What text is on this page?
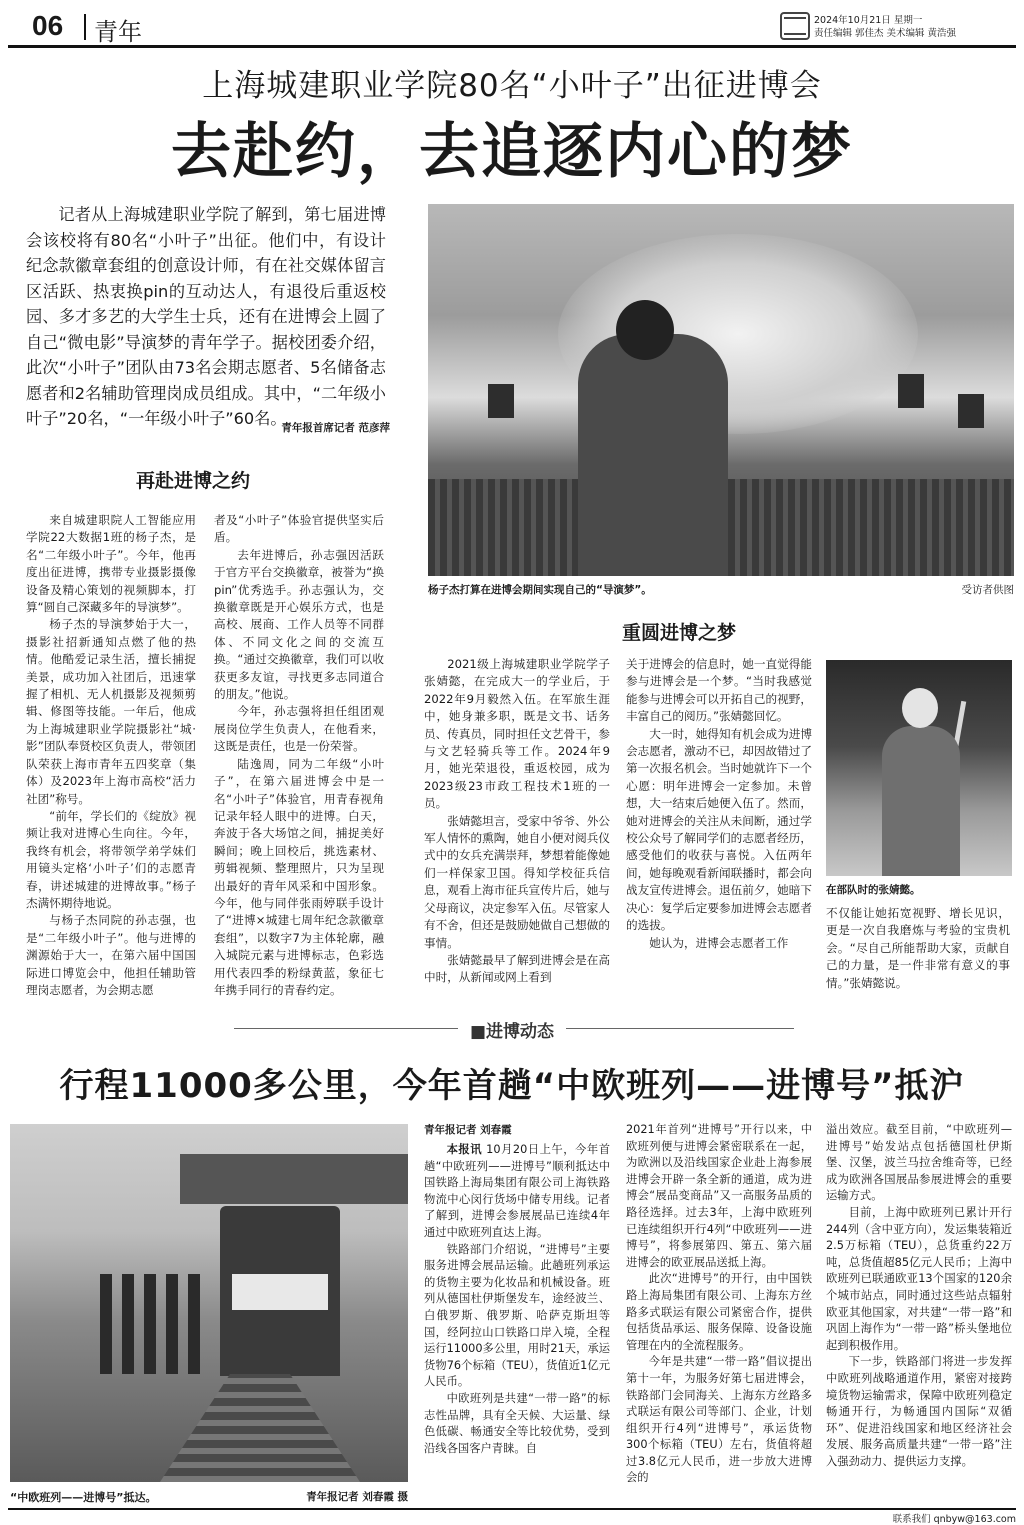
06 青年	2024年10月21日 星期一
责任编辑 郭佳杰 美术编辑 黄浩强
上海城建职业学院80名“小叶子”出征进博会
去赴约，去追逐内心的梦
记者从上海城建职业学院了解到，第七届进博会该校将有80名“小叶子”出征。他们中，有设计纪念款徽章套组的创意设计师，有在社交媒体留言区活跃、热衷换pin的互动达人，有退役后重返校园、多才多艺的大学生士兵，还有在进博会上圆了自己“微电影”导演梦的青年学子。据校团委介绍，此次“小叶子”团队由73名会期志愿者、5名储备志愿者和2名辅助管理岗成员组成。其中，“二年级小叶子”20名，“一年级小叶子”60名。
青年报首席记者 范彦萍
杨子杰打算在进博会期间实现自己的“导演梦”。	受访者供图
再赴进博之约
重圆进博之梦

来自城建职院人工智能应用学院22大数据1班的杨子杰，是名“二年级小叶子”。今年，他再度出征进博，携带专业摄影摄像设备及精心策划的视频脚本，打算“圆自己深藏多年的导演梦”。

杨子杰的导演梦始于大一，摄影社招新通知点燃了他的热情。他酷爱记录生活，擅长捕捉美景，成功加入社团后，迅速掌握了相机、无人机摄影及视频剪辑、修图等技能。一年后，他成为上海城建职业学院摄影社“城·影”团队奉贤校区负责人，带领团队荣获上海市青年五四奖章（集体）及2023年上海市高校“活力社团”称号。

“前年，学长们的《绽放》视频让我对进博心生向往。今年，我终有机会，将带领学弟学妹们用镜头定格‘小叶子’们的志愿青春，讲述城建的进博故事。”杨子杰满怀期待地说。

与杨子杰同院的孙志强，也是“二年级小叶子”。他与进博的渊源始于大一，在第六届中国国际进口博览会中，他担任辅助管理岗志愿者，为会期志愿

者及“小叶子”体验官提供坚实后盾。

去年进博后，孙志强因活跃于官方平台交换徽章，被誉为“换pin”优秀选手。孙志强认为，交换徽章既是开心娱乐方式，也是高校、展商、工作人员等不同群体、不同文化之间的交流互换。“通过交换徽章，我们可以收获更多友谊，寻找更多志同道合的朋友。”他说。

今年，孙志强将担任组团观展岗位学生负责人，在他看来，这既是责任，也是一份荣誉。

陆逸周，同为二年级“小叶子”，在第六届进博会中是一名“小叶子”体验官，用青春视角记录年轻人眼中的进博。白天，奔波于各大场馆之间，捕捉美好瞬间；晚上回校后，挑选素材、剪辑视频、整理照片，只为呈现出最好的青年风采和中国形象。今年，他与同伴张雨婷联手设计了“进博×城建七周年纪念款徽章套组”，以数字7为主体轮廓，融入城院元素与进博标志，色彩选用代表四季的粉绿黄蓝，象征七年携手同行的青春约定。

2021级上海城建职业学院学子张婧懿，在完成大一的学业后，于2022年9月毅然入伍。在军旅生涯中，她身兼多职，既是文书、话务员、传真员，同时担任文艺骨干，参与文艺轻骑兵等工作。2024年9月，她光荣退役，重返校园，成为2023级23市政工程技术1班的一员。

张婧懿坦言，受家中爷爷、外公军人情怀的熏陶，她自小便对阅兵仪式中的女兵充满崇拜，梦想着能像她们一样保家卫国。得知学校征兵信息，观看上海市征兵宣传片后，她与父母商议，决定参军入伍。尽管家人有不舍，但还是鼓励她做自己想做的事情。

张婧懿最早了解到进博会是在高中时，从新闻或网上看到

关于进博会的信息时，她一直觉得能参与进博会是一个梦。“当时我感觉能参与进博会可以开拓自己的视野，丰富自己的阅历。”张婧懿回忆。

大一时，她得知有机会成为进博会志愿者，激动不已，却因故错过了第一次报名机会。当时她就许下一个心愿：明年进博会一定参加。未曾想，大一结束后她便入伍了。然而，她对进博会的关注从未间断，通过学校公众号了解同学们的志愿者经历，感受他们的收获与喜悦。入伍两年间，她每晚观看新闻联播时，都会向战友宣传进博会。退伍前夕，她暗下决心：复学后定要参加进博会志愿者的选拔。

她认为，进博会志愿者工作

在部队时的张婧懿。

不仅能让她拓宽视野、增长见识，更是一次自我磨炼与考验的宝贵机会。“尽自己所能帮助大家，贡献自己的力量，是一件非常有意义的事情。”张婧懿说。

■进博动态
行程11000多公里，今年首趟“中欧班列——进博号”抵沪
“中欧班列——进博号”抵达。	青年报记者 刘春霞 摄
青年报记者 刘春霞

本报讯 10月20日上午，今年首趟“中欧班列——进博号”顺利抵达中国铁路上海局集团有限公司上海铁路物流中心闵行货场中储专用线。记者了解到，进博会参展展品已连续4年通过中欧班列直达上海。

铁路部门介绍说，“进博号”主要服务进博会展品运输。此趟班列承运的货物主要为化妆品和机械设备。班列从德国杜伊斯堡发车，途经波兰、白俄罗斯、俄罗斯、哈萨克斯坦等国，经阿拉山口铁路口岸入境，全程运行11000多公里，用时21天，承运货物76个标箱（TEU），货值近1亿元人民币。

中欧班列是共建“一带一路”的标志性品牌，具有全天候、大运量、绿色低碳、畅通安全等比较优势，受到沿线各国客户青睐。自

2021年首列“进博号”开行以来，中欧班列便与进博会紧密联系在一起，为欧洲以及沿线国家企业赴上海参展进博会开辟一条全新的通道，成为进博会“展品变商品”又一高服务品质的路径选择。过去3年，上海中欧班列已连续组织开行4列“中欧班列——进博号”，将参展第四、第五、第六届进博会的欧亚展品送抵上海。

此次“进博号”的开行，由中国铁路上海局集团有限公司、上海东方丝路多式联运有限公司紧密合作，提供包括货品承运、服务保障、设备设施管理在内的全流程服务。

今年是共建“一带一路”倡议提出第十一年，为服务好第七届进博会，铁路部门会同海关、上海东方丝路多式联运有限公司等部门、企业，计划组织开行4列“进博号”，承运货物300个标箱（TEU）左右，货值将超过3.8亿元人民币，进一步放大进博会的

溢出效应。截至目前，“中欧班列—进博号”始发站点包括德国杜伊斯堡、汉堡，波兰马拉舍维奇等，已经成为欧洲各国展品参展进博会的重要运输方式。

目前，上海中欧班列已累计开行244列（含中亚方向），发运集装箱近2.5万标箱（TEU），总货重约22万吨，总货值超85亿元人民币；上海中欧班列已联通欧亚13个国家的120余个城市站点，同时通过这些站点辐射欧亚其他国家，对共建“一带一路”和巩固上海作为“一带一路”桥头堡地位起到积极作用。

下一步，铁路部门将进一步发挥中欧班列战略通道作用，紧密对接跨境货物运输需求，保障中欧班列稳定畅通开行，为畅通国内国际“双循环”、促进沿线国家和地区经济社会发展、服务高质量共建“一带一路”注入强劲动力、提供运力支撑。

联系我们 qnbyw@163.com
